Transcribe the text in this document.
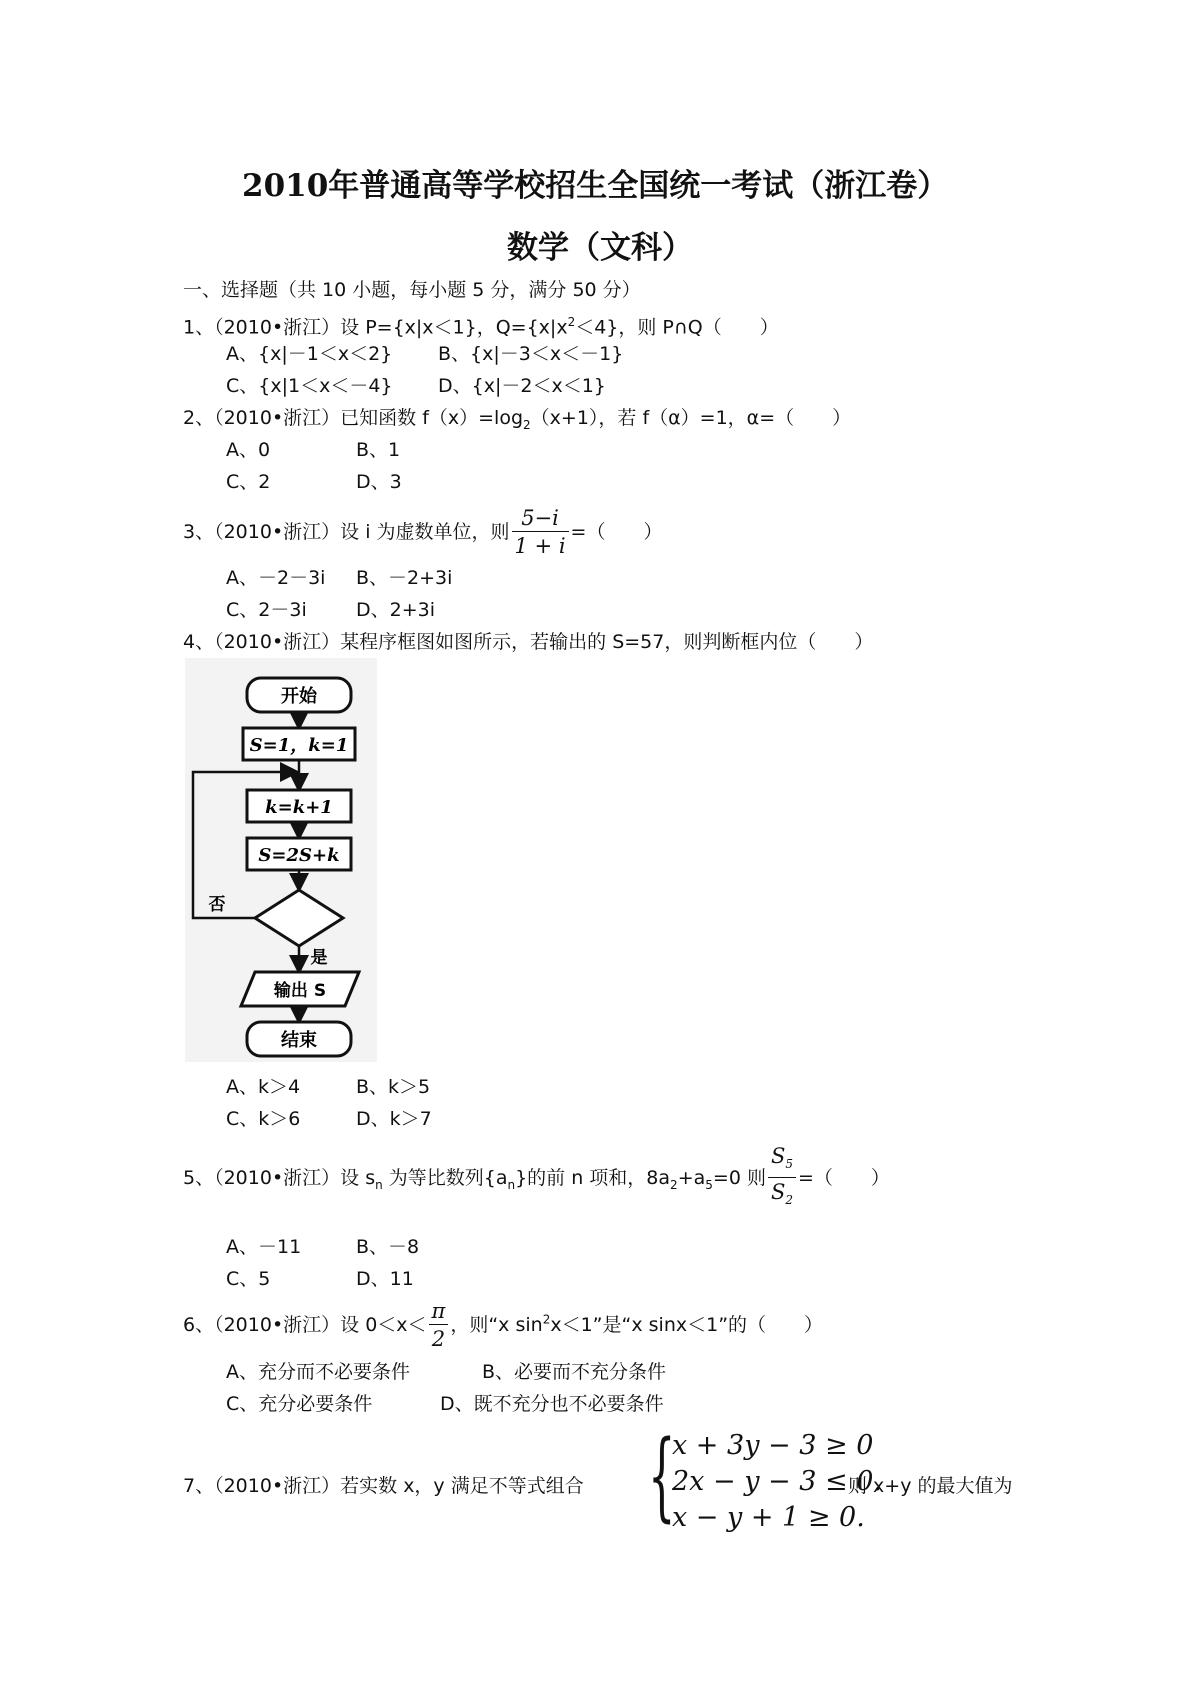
2010年普通高等学校招生全国统一考试（浙江卷）
数学（文科）
一、选择题（共 10 小题，每小题 5 分，满分 50 分）
1、（2010•浙江）设 P={x|x＜1}，$Q=\{x|x^2<4\}$，则 P∩Q（　　）
A、{x|－1＜x＜2} B、{x|－3＜x＜－1}
C、{x|1＜x＜－4} D、{x|－2＜x＜1}
2、（2010•浙江）已知函数 $f(x)=\log_2(x+1)$，若 f（α）=1，α=（　　）
A、0	B、1
C、2	D、3
3、（2010•浙江）设 i 为虚数单位，则 $\frac{5-i}{1 + i}$ =（　　）
A、－2－3i B、－2+3i
C、2－3i	D、2+3i
4、（2010•浙江）某程序框图如图所示，若输出的 S=57，则判断框内位（　　）
开始
S=1，k=1
k=k+1
S=2S+k
否
是
输出 S
结束
A、k＞4	B、k＞5
C、k＞6	D、k＞7
5、（2010•浙江）设 $s_n$ 为等比数列$\{a_n\}$的前 n 项和，$8a_2+a_5=0$ 则 $\frac{S_5}{S_2}$ =（　　）
A、－11	B、－8
C、5	D、11
6、（2010•浙江）设 $0<x< \frac{\pi}{2}$ ，则“x $\sin^2x<1$”是“x sinx＜1”的（　　）
A、充分而不必要条件	B、必要而不充分条件
C、充分必要条件	D、既不充分也不必要条件
7、（2010•浙江）若实数 x，y 满足不等式组合 {
x + 3y − 3 ≥ 0
2x − y − 3 ≤ 0.
x − y + 1 ≥ 0.
则 x+y 的最大值为
